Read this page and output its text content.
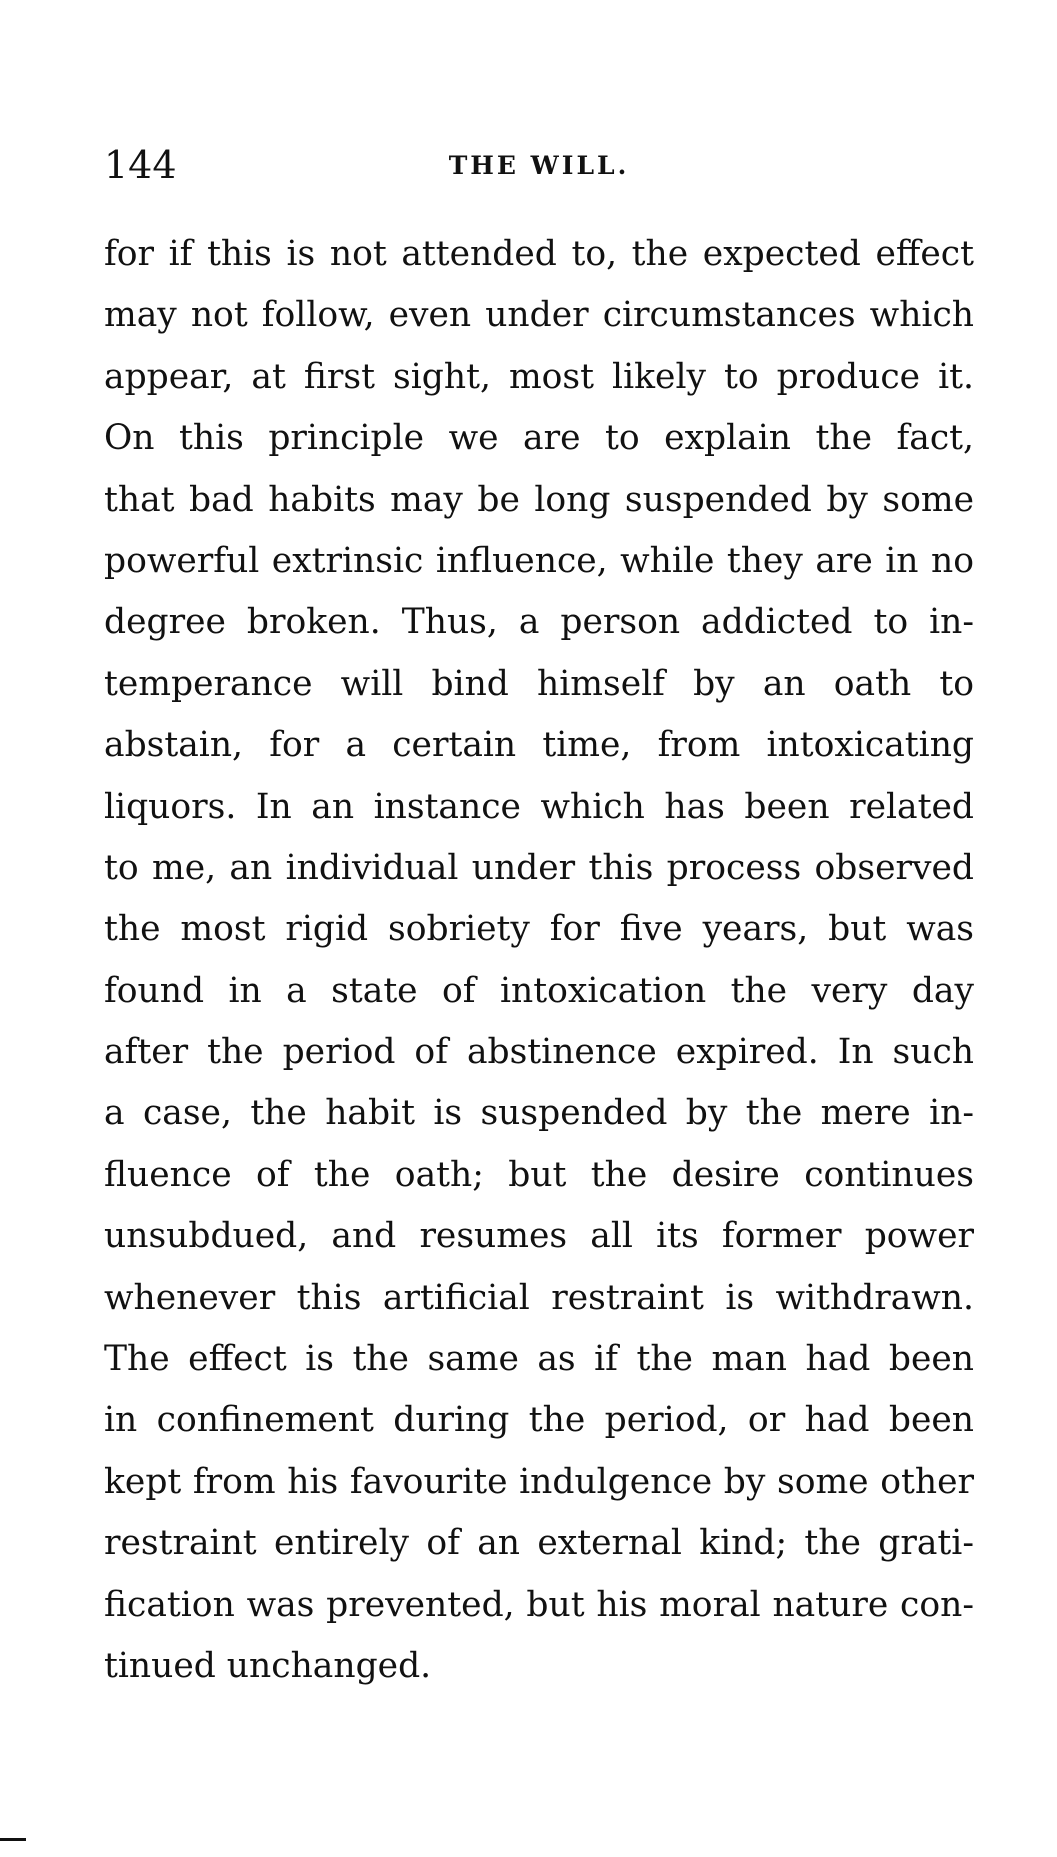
144	THE WILL.
for if this is not attended to, the expected effect
may not follow, even under circumstances which
appear, at first sight, most likely to produce it.
On this principle we are to explain the fact,
that bad habits may be long suspended by some
powerful extrinsic influence, while they are in no
degree broken. Thus, a person addicted to in-
temperance will bind himself by an oath to
abstain, for a certain time, from intoxicating
liquors. In an instance which has been related
to me, an individual under this process observed
the most rigid sobriety for five years, but was
found in a state of intoxication the very day
after the period of abstinence expired. In such
a case, the habit is suspended by the mere in-
fluence of the oath; but the desire continues
unsubdued, and resumes all its former power
whenever this artificial restraint is withdrawn.
The effect is the same as if the man had been
in confinement during the period, or had been
kept from his favourite indulgence by some other
restraint entirely of an external kind; the grati-
fication was prevented, but his moral nature con-
tinued unchanged.
